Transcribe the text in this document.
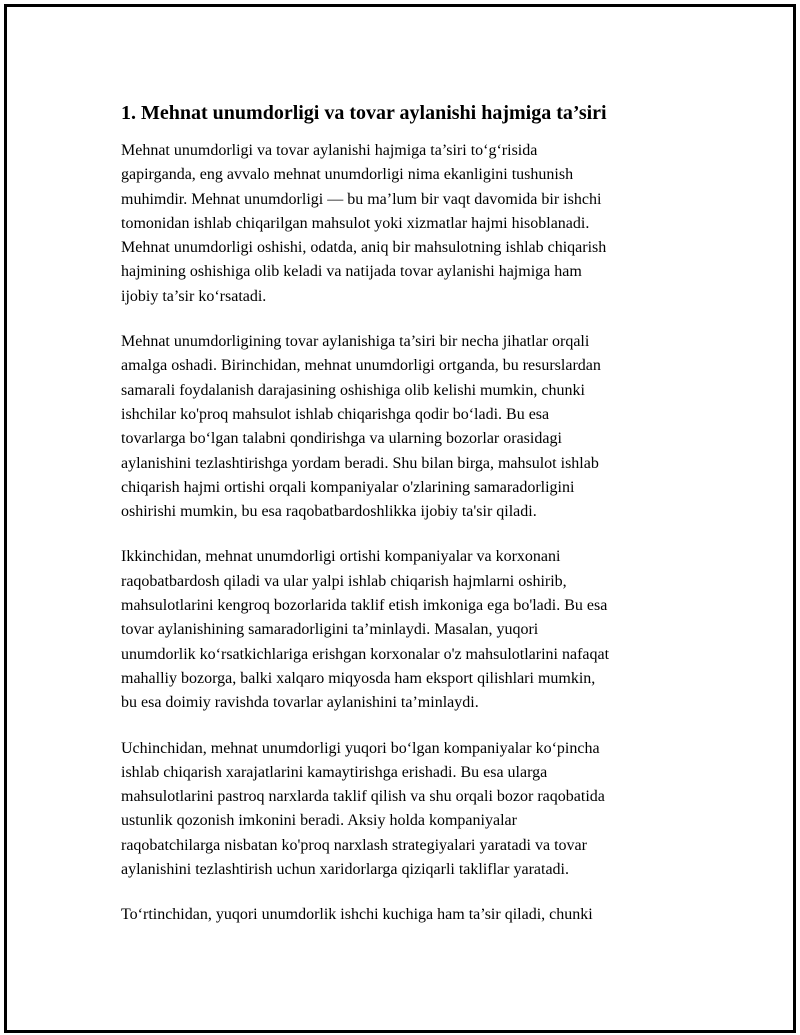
1. Mehnat unumdorligi va tovar aylanishi hajmiga ta’siri

Mehnat unumdorligi va tovar aylanishi hajmiga ta’siri to‘g‘risida
gapirganda, eng avvalo mehnat unumdorligi nima ekanligini tushunish
muhimdir. Mehnat unumdorligi — bu ma’lum bir vaqt davomida bir ishchi
tomonidan ishlab chiqarilgan mahsulot yoki xizmatlar hajmi hisoblanadi.
Mehnat unumdorligi oshishi, odatda, aniq bir mahsulotning ishlab chiqarish
hajmining oshishiga olib keladi va natijada tovar aylanishi hajmiga ham
ijobiy ta’sir ko‘rsatadi.

Mehnat unumdorligining tovar aylanishiga ta’siri bir necha jihatlar orqali
amalga oshadi. Birinchidan, mehnat unumdorligi ortganda, bu resurslardan
samarali foydalanish darajasining oshishiga olib kelishi mumkin, chunki
ishchilar ko'proq mahsulot ishlab chiqarishga qodir bo‘ladi. Bu esa
tovarlarga bo‘lgan talabni qondirishga va ularning bozorlar orasidagi
aylanishini tezlashtirishga yordam beradi. Shu bilan birga, mahsulot ishlab
chiqarish hajmi ortishi orqali kompaniyalar o'zlarining samaradorligini
oshirishi mumkin, bu esa raqobatbardoshlikka ijobiy ta'sir qiladi.

Ikkinchidan, mehnat unumdorligi ortishi kompaniyalar va korxonani
raqobatbardosh qiladi va ular yalpi ishlab chiqarish hajmlarni oshirib,
mahsulotlarini kengroq bozorlarida taklif etish imkoniga ega bo'ladi. Bu esa
tovar aylanishining samaradorligini ta’minlaydi. Masalan, yuqori
unumdorlik ko‘rsatkichlariga erishgan korxonalar o'z mahsulotlarini nafaqat
mahalliy bozorga, balki xalqaro miqyosda ham eksport qilishlari mumkin,
bu esa doimiy ravishda tovarlar aylanishini ta’minlaydi.

Uchinchidan, mehnat unumdorligi yuqori bo‘lgan kompaniyalar ko‘pincha
ishlab chiqarish xarajatlarini kamaytirishga erishadi. Bu esa ularga
mahsulotlarini pastroq narxlarda taklif qilish va shu orqali bozor raqobatida
ustunlik qozonish imkonini beradi. Aksiy holda kompaniyalar
raqobatchilarga nisbatan ko'proq narxlash strategiyalari yaratadi va tovar
aylanishini tezlashtirish uchun xaridorlarga qiziqarli takliflar yaratadi.

To‘rtinchidan, yuqori unumdorlik ishchi kuchiga ham ta’sir qiladi, chunki
